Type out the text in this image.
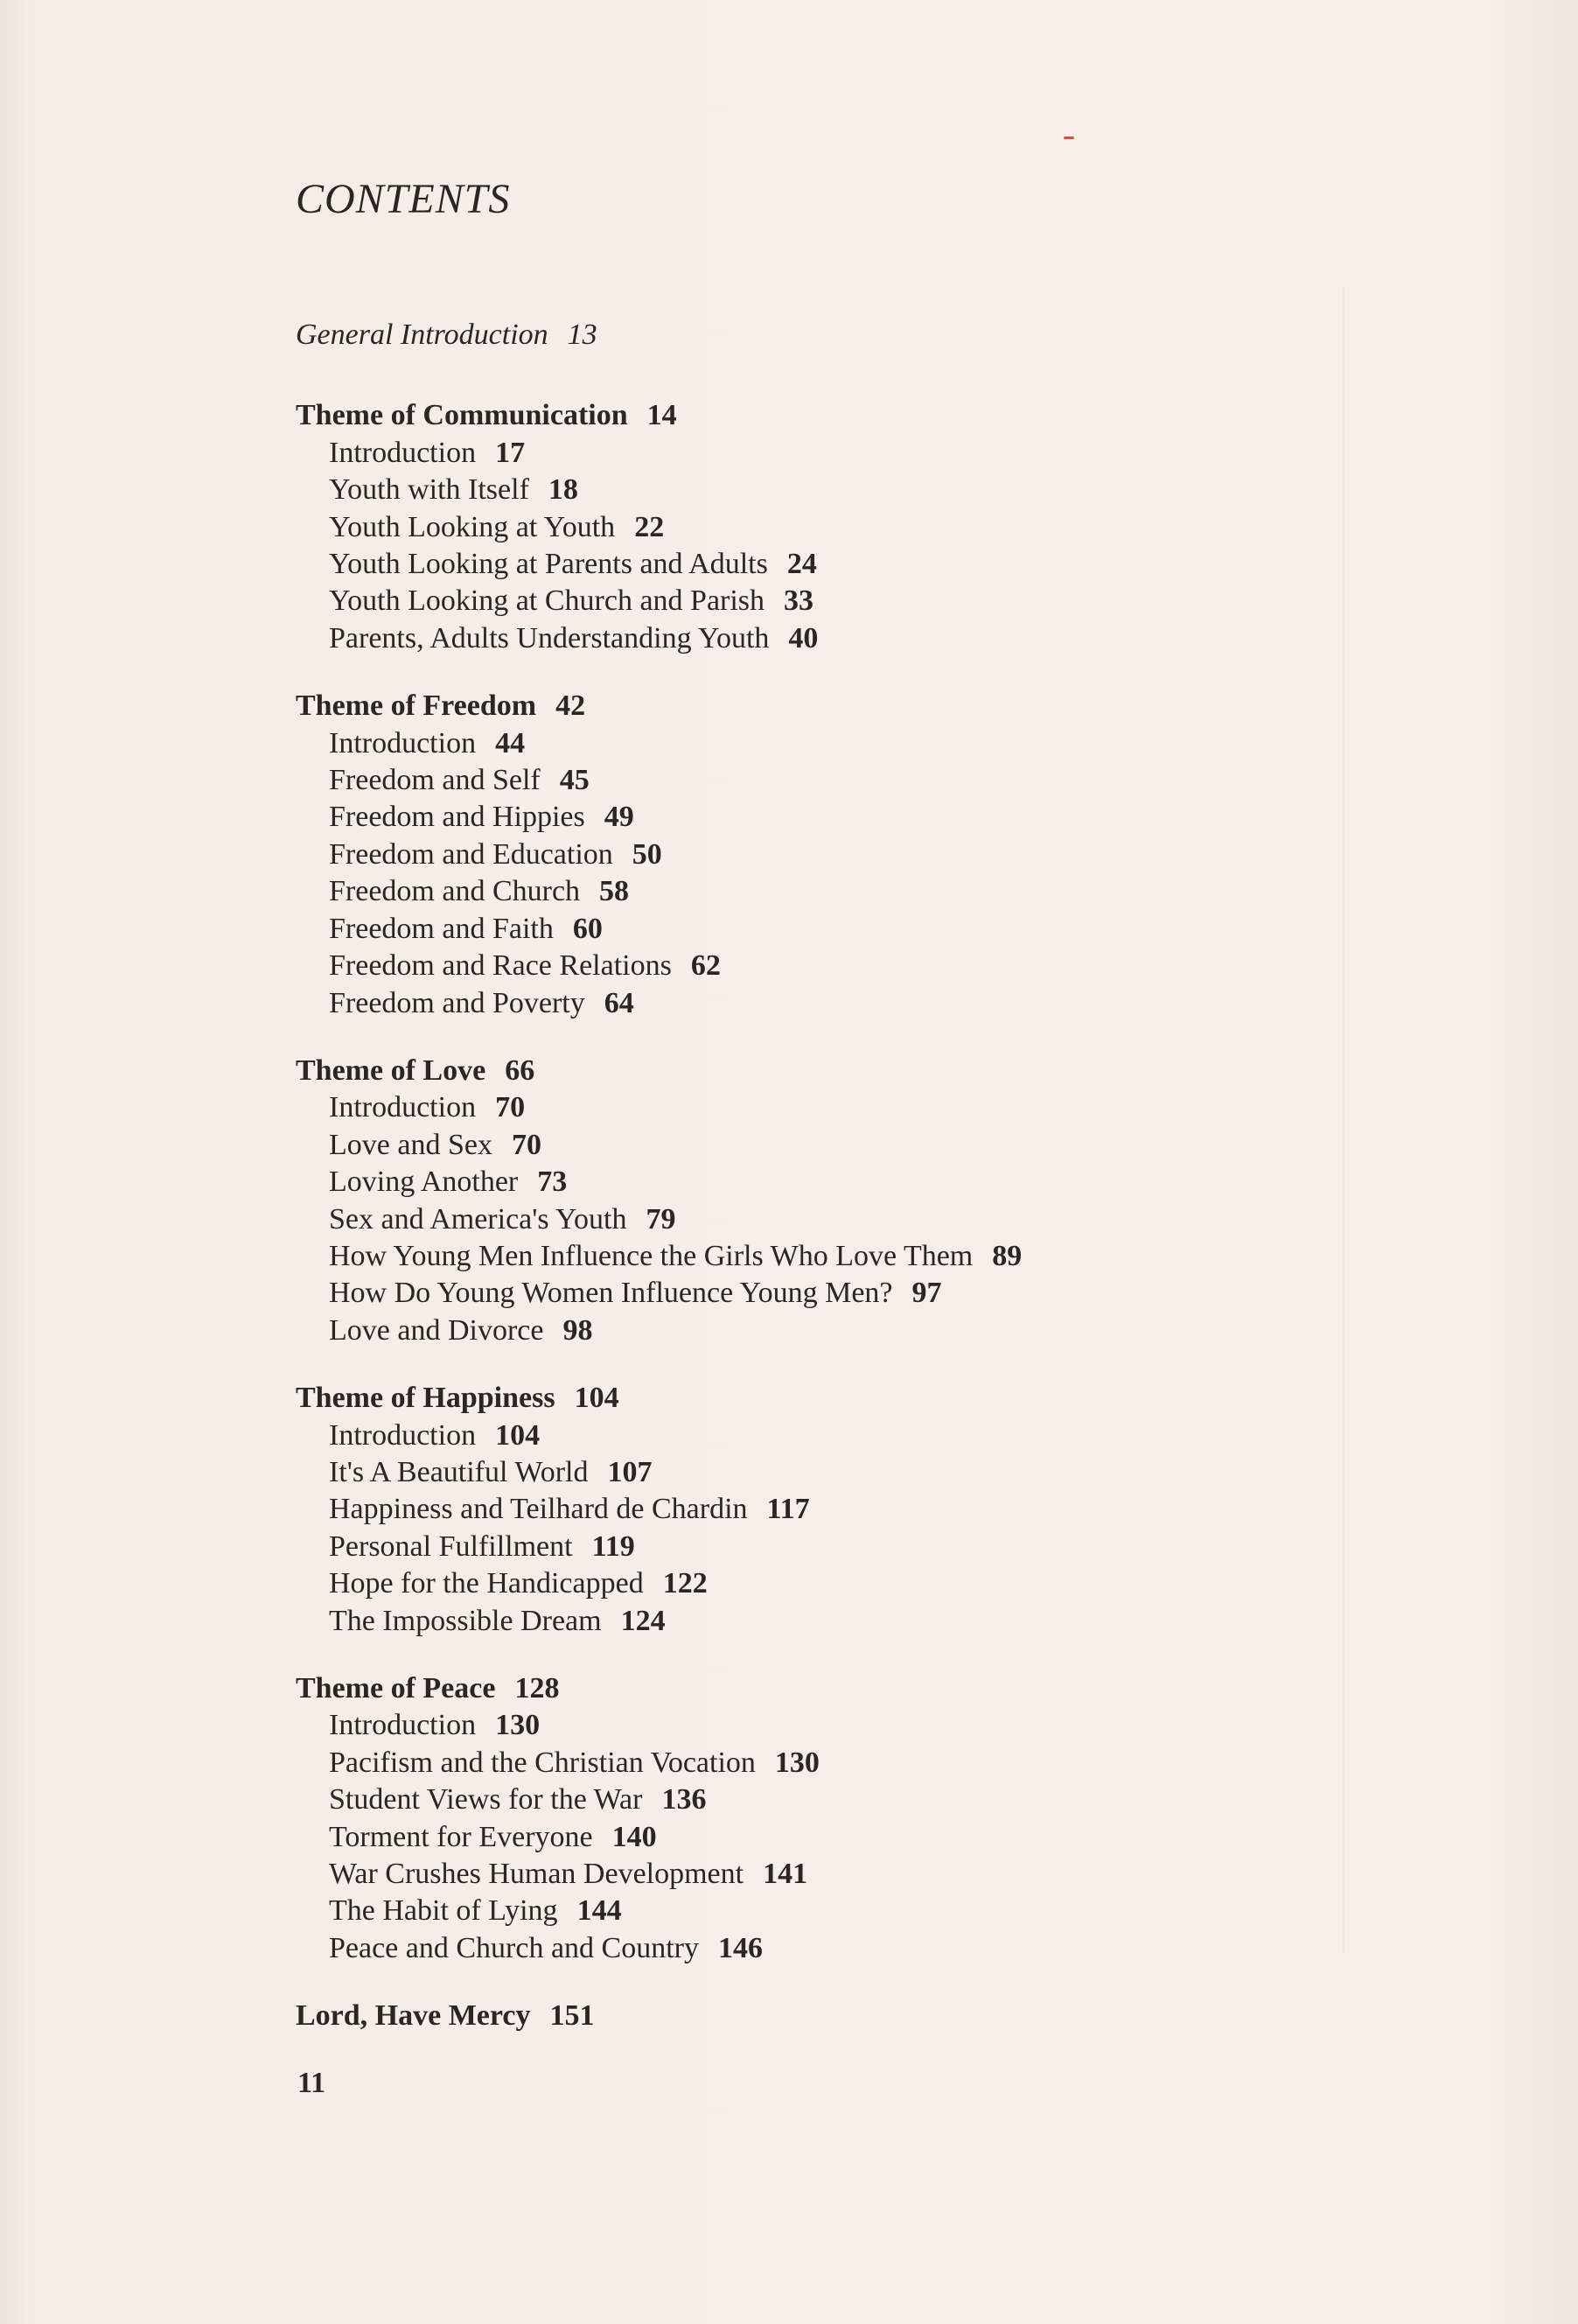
CONTENTS
General Introduction 13
Theme of Communication 14
Introduction 17
Youth with Itself 18
Youth Looking at Youth 22
Youth Looking at Parents and Adults 24
Youth Looking at Church and Parish 33
Parents, Adults Understanding Youth 40
Theme of Freedom 42
Introduction 44
Freedom and Self 45
Freedom and Hippies 49
Freedom and Education 50
Freedom and Church 58
Freedom and Faith 60
Freedom and Race Relations 62
Freedom and Poverty 64
Theme of Love 66
Introduction 70
Love and Sex 70
Loving Another 73
Sex and America's Youth 79
How Young Men Influence the Girls Who Love Them 89
How Do Young Women Influence Young Men? 97
Love and Divorce 98
Theme of Happiness 104
Introduction 104
It's A Beautiful World 107
Happiness and Teilhard de Chardin 117
Personal Fulfillment 119
Hope for the Handicapped 122
The Impossible Dream 124
Theme of Peace 128
Introduction 130
Pacifism and the Christian Vocation 130
Student Views for the War 136
Torment for Everyone 140
War Crushes Human Development 141
The Habit of Lying 144
Peace and Church and Country 146
Lord, Have Mercy 151
11
